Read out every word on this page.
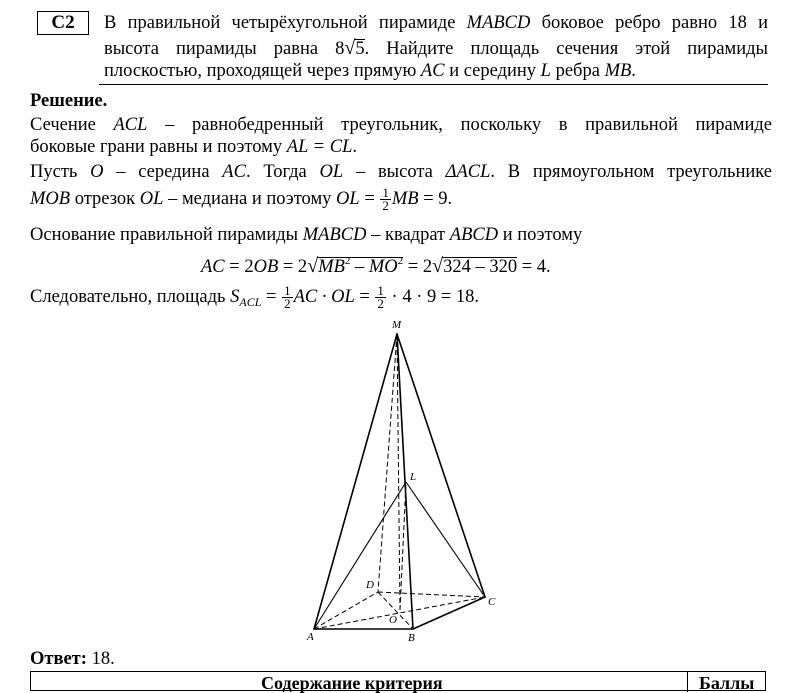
C2	В правильной четырёхугольной пирамиде MABCD боковое ребро равно 18 и
высота пирамиды равна 8√5. Найдите площадь сечения этой пирамиды
плоскостью, проходящей через прямую AC и середину L ребра MB.
Решение.
Сечение ACL – равнобедренный треугольник, поскольку в правильной пирамиде
боковые грани равны и поэтому AL = CL.
Пусть O – середина AC. Тогда OL – высота ΔACL. В прямоугольном треугольнике
MOB отрезок OL – медиана и поэтому OL = $\frac{1}{2}$ MB = 9.
Основание правильной пирамиды MABCD – квадрат ABCD и поэтому
AC = $2OB = 2√MB^2 - MO^2 = 2√324 - 320 = 4$.
Следовательно, площадь $S_{ACL} = \frac{1}{2}$ AC · OL = $\frac{1}{2} \cdot 4 \cdot 9 = 18$.
M
L
D
C
O
A	B
Ответ: 18.
Содержание критерия	Баллы
